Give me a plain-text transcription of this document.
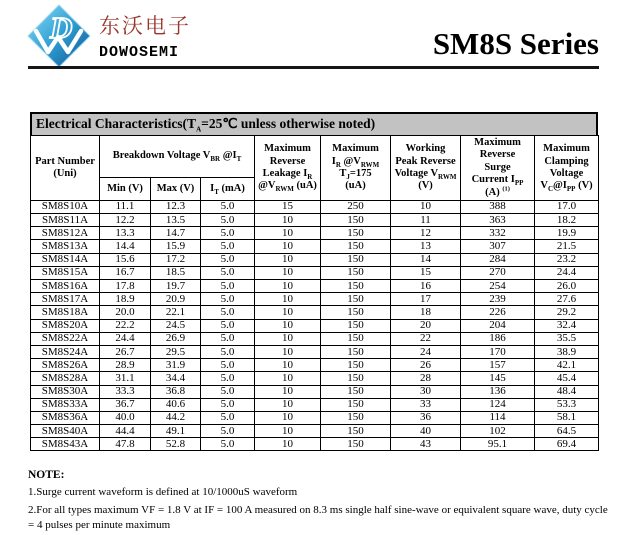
D 东沃电子
DOWOSEMI	SM8S Series
Electrical $Characteristics(T_A=25℃$ unless otherwise noted)
Part Number
(Uni)
	Breakdown Voltage $V_{BR}$ $@I_T$	
Maximum
Reverse
Leakage $I_R$
$@V_{RWM}$ (uA)

Maximum
$I_R$ $@V_{RWM}$
$T_J=175$
(uA)

Working
Peak Reverse
Voltage $V_{RWM}$
(V)

Maximum
Reverse
Surge
Current $I_{PP}$
(A) $^{(1)}$

Maximum
Clamping
Voltage
$V_C@I_{PP}$ (V)

	Min (V)	Max (V)	$I_T$ (mA)					
SM8S10A	11.1	12.3	5.0	15	250	10	388	17.0
SM8S11A	12.2	13.5	5.0	10	150	11	363	18.2
SM8S12A	13.3	14.7	5.0	10	150	12	332	19.9
SM8S13A	14.4	15.9	5.0	10	150	13	307	21.5
SM8S14A	15.6	17.2	5.0	10	150	14	284	23.2
SM8S15A	16.7	18.5	5.0	10	150	15	270	24.4
SM8S16A	17.8	19.7	5.0	10	150	16	254	26.0
SM8S17A	18.9	20.9	5.0	10	150	17	239	27.6
SM8S18A	20.0	22.1	5.0	10	150	18	226	29.2
SM8S20A	22.2	24.5	5.0	10	150	20	204	32.4
SM8S22A	24.4	26.9	5.0	10	150	22	186	35.5
SM8S24A	26.7	29.5	5.0	10	150	24	170	38.9
SM8S26A	28.9	31.9	5.0	10	150	26	157	42.1
SM8S28A	31.1	34.4	5.0	10	150	28	145	45.4
SM8S30A	33.3	36.8	5.0	10	150	30	136	48.4
SM8S33A	36.7	40.6	5.0	10	150	33	124	53.3
SM8S36A	40.0	44.2	5.0	10	150	36	114	58.1
SM8S40A	44.4	49.1	5.0	10	150	40	102	64.5
SM8S43A	47.8	52.8	5.0	10	150	43	95.1	69.4
NOTE:
1.Surge current waveform is defined at 10/1000uS waveform
2.For all types maximum VF = 1.8 V at IF = 100 A measured on 8.3 ms single half sine-wave or equivalent square wave, duty cycle = 4 pulses per minute maximum
